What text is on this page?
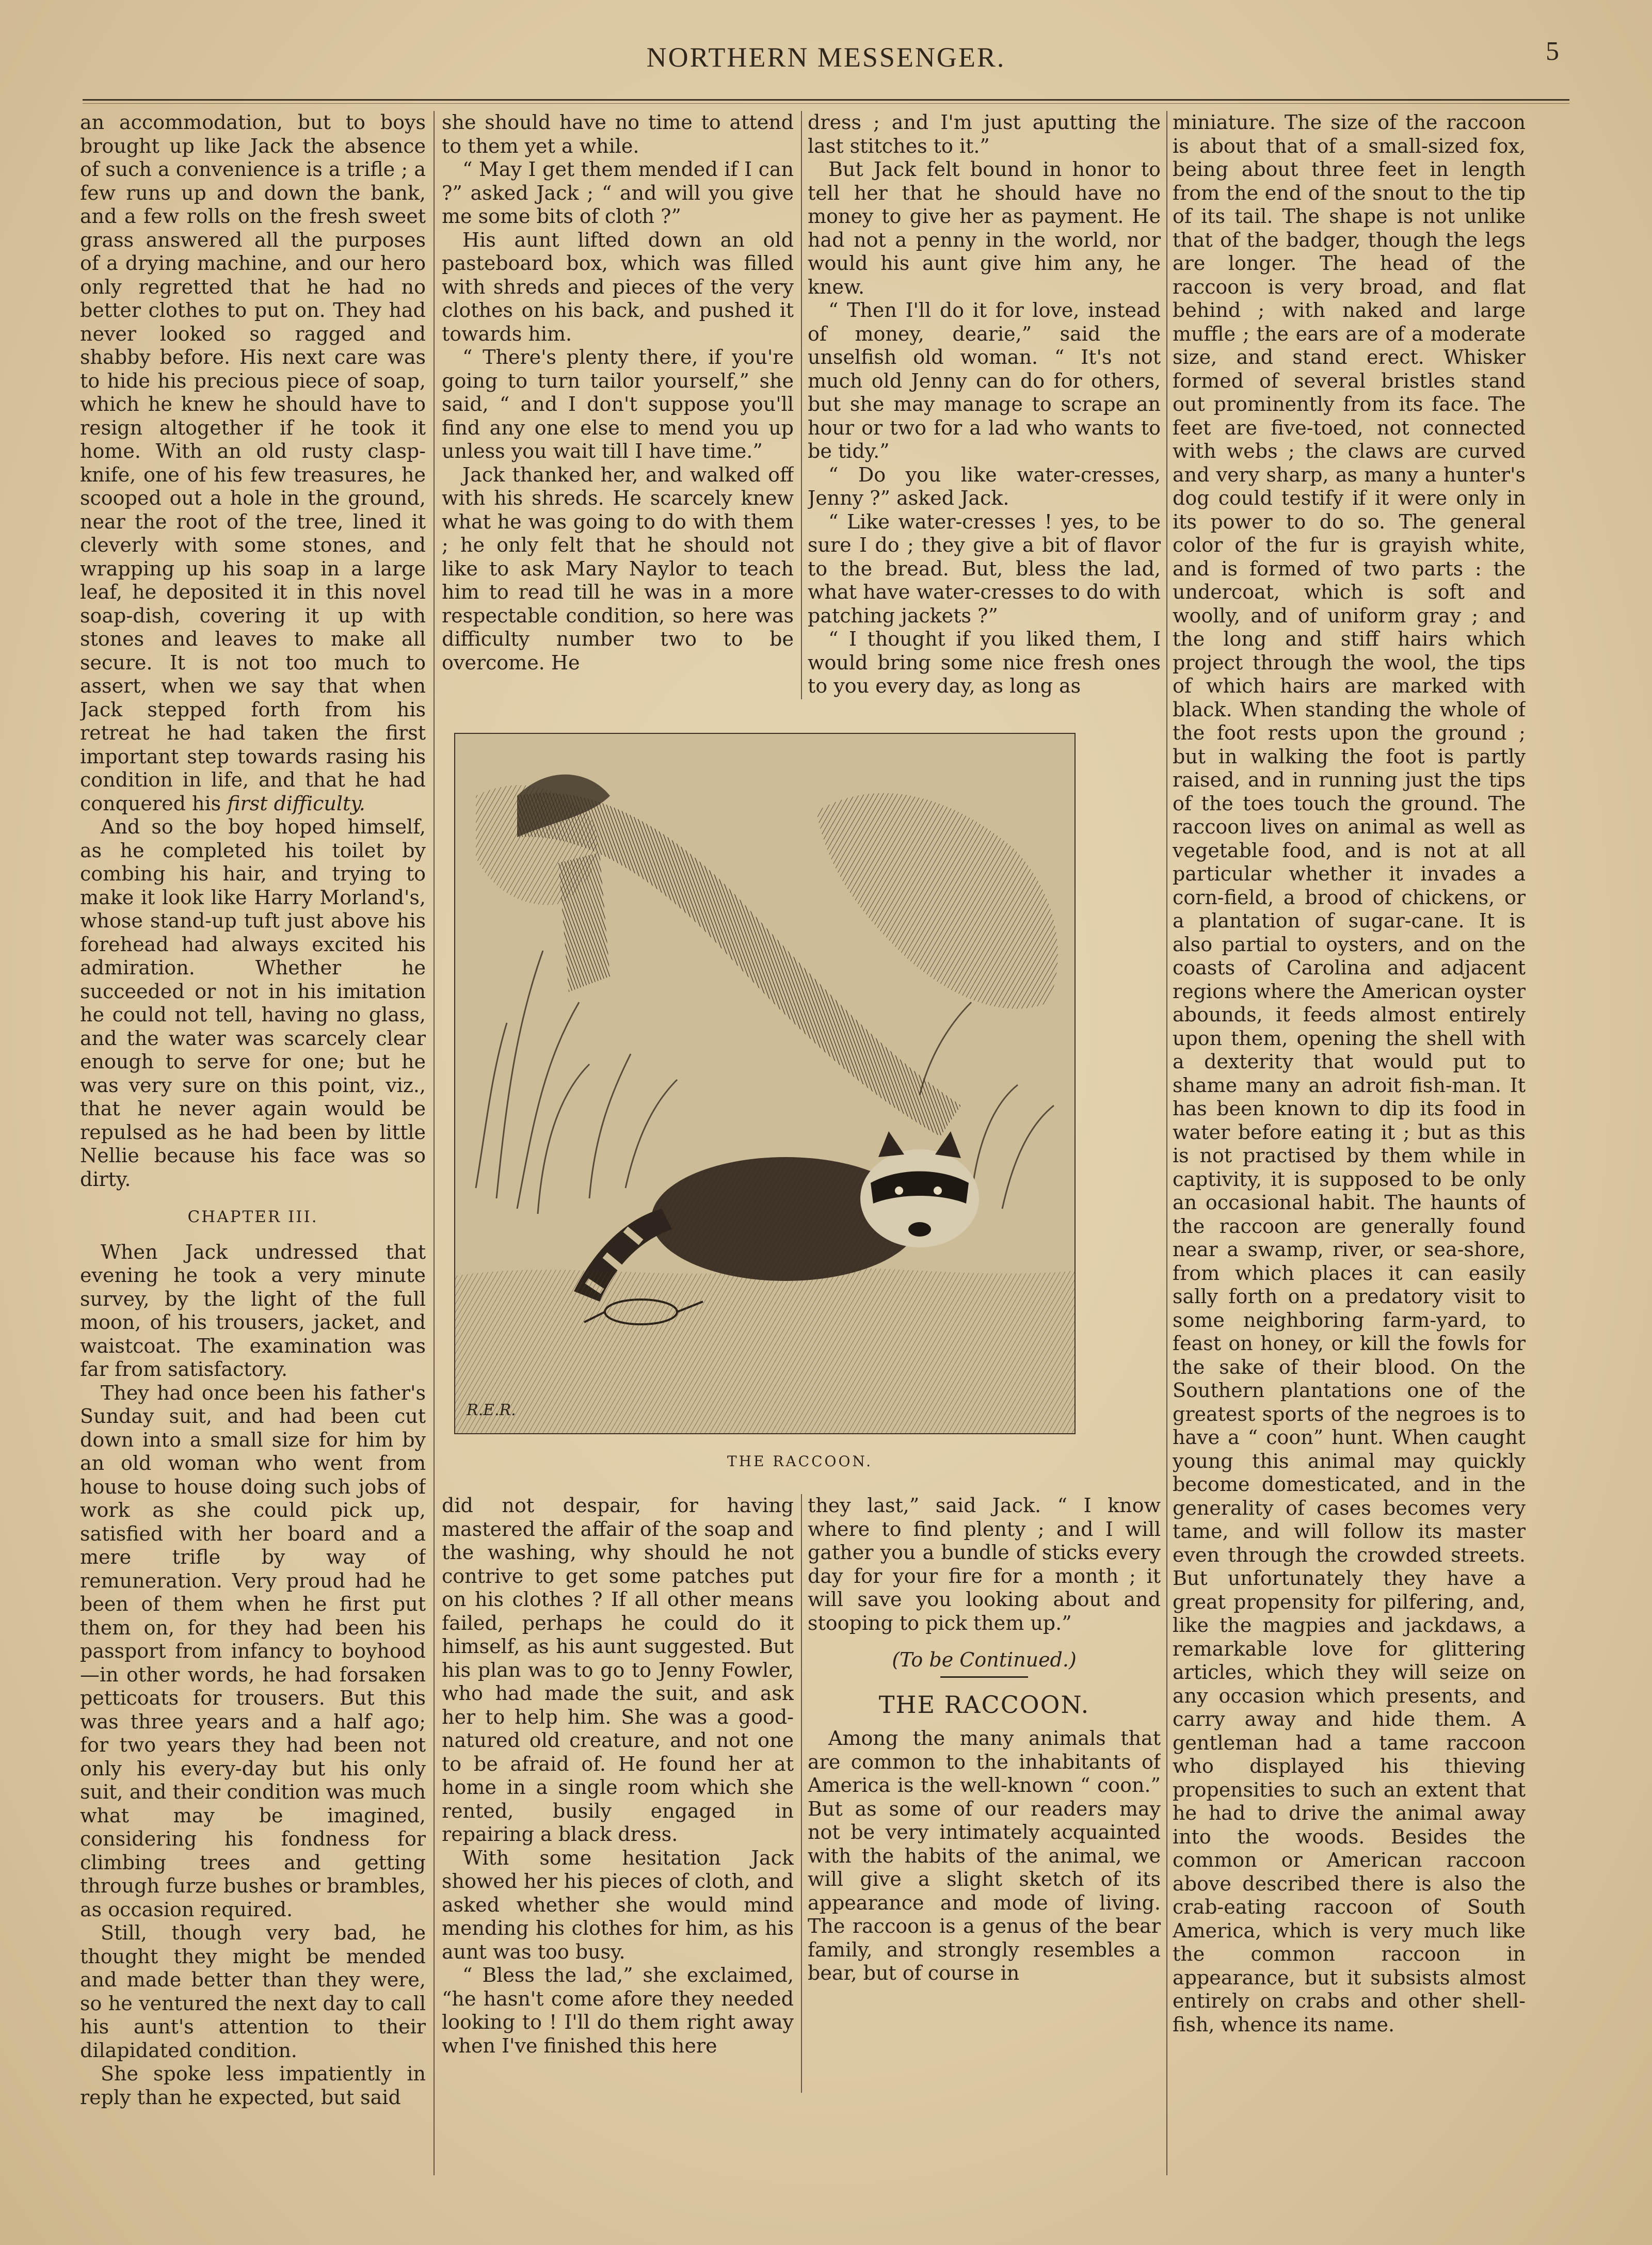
NORTHERN MESSENGER.	5

an accommodation, but to boys brought up like Jack the absence of such a convenience is a trifle ; a few runs up and down the bank, and a few rolls on the fresh sweet grass answered all the purposes of a drying machine, and our hero only regretted that he had no better clothes to put on. They had never looked so ragged and shabby before. His next care was to hide his precious piece of soap, which he knew he should have to resign altogether if he took it home. With an old rusty clasp-knife, one of his few treasures, he scooped out a hole in the ground, near the root of the tree, lined it cleverly with some stones, and wrapping up his soap in a large leaf, he deposited it in this novel soap-dish, covering it up with stones and leaves to make all secure. It is not too much to assert, when we say that when Jack stepped forth from his retreat he had taken the first important step towards rasing his condition in life, and that he had conquered his first difficulty.

And so the boy hoped himself, as he completed his toilet by combing his hair, and trying to make it look like Harry Morland's, whose stand-up tuft just above his forehead had always excited his admiration. Whether he succeeded or not in his imitation he could not tell, having no glass, and the water was scarcely clear enough to serve for one; but he was very sure on this point, viz., that he never again would be repulsed as he had been by little Nellie because his face was so dirty.

CHAPTER III.

When Jack undressed that evening he took a very minute survey, by the light of the full moon, of his trousers, jacket, and waistcoat. The examination was far from satisfactory.

They had once been his father's Sunday suit, and had been cut down into a small size for him by an old woman who went from house to house doing such jobs of work as she could pick up, satisfied with her board and a mere trifle by way of remuneration. Very proud had he been of them when he first put them on, for they had been his passport from infancy to boyhood—in other words, he had forsaken petticoats for trousers. But this was three years and a half ago; for two years they had been not only his every-day but his only suit, and their condition was much what may be imagined, considering his fondness for climbing trees and getting through furze bushes or brambles, as occasion required.

Still, though very bad, he thought they might be mended and made better than they were, so he ventured the next day to call his aunt's attention to their dilapidated condition.

She spoke less impatiently in reply than he expected, but said

she should have no time to attend to them yet a while.

“ May I get them mended if I can ?” asked Jack ; “ and will you give me some bits of cloth ?”

His aunt lifted down an old pasteboard box, which was filled with shreds and pieces of the very clothes on his back, and pushed it towards him.

“ There's plenty there, if you're going to turn tailor yourself,” she said, “ and I don't suppose you'll find any one else to mend you up unless you wait till I have time.”

Jack thanked her, and walked off with his shreds. He scarcely knew what he was going to do with them ; he only felt that he should not like to ask Mary Naylor to teach him to read till he was in a more respectable condition, so here was difficulty number two to be overcome. He

dress ; and I'm just aputting the last stitches to it.”

But Jack felt bound in honor to tell her that he should have no money to give her as payment. He had not a penny in the world, nor would his aunt give him any, he knew.

“ Then I'll do it for love, instead of money, dearie,” said the unselfish old woman. “ It's not much old Jenny can do for others, but she may manage to scrape an hour or two for a lad who wants to be tidy.”

“ Do you like water-cresses, Jenny ?” asked Jack.

“ Like water-cresses ! yes, to be sure I do ; they give a bit of flavor to the bread. But, bless the lad, what have water-cresses to do with patching jackets ?”

“ I thought if you liked them, I would bring some nice fresh ones to you every day, as long as

R.E.R.
THE RACCOON.

did not despair, for having mastered the affair of the soap and the washing, why should he not contrive to get some patches put on his clothes ? If all other means failed, perhaps he could do it himself, as his aunt suggested. But his plan was to go to Jenny Fowler, who had made the suit, and ask her to help him. She was a good-natured old creature, and not one to be afraid of. He found her at home in a single room which she rented, busily engaged in repairing a black dress.

With some hesitation Jack showed her his pieces of cloth, and asked whether she would mind mending his clothes for him, as his aunt was too busy.

“ Bless the lad,” she exclaimed, “he hasn't come afore they needed looking to ! I'll do them right away when I've finished this here

they last,” said Jack. “ I know where to find plenty ; and I will gather you a bundle of sticks every day for your fire for a month ; it will save you looking about and stooping to pick them up.”

(To be Continued.)

THE RACCOON.

Among the many animals that are common to the inhabitants of America is the well-known “ coon.” But as some of our readers may not be very intimately acquainted with the habits of the animal, we will give a slight sketch of its appearance and mode of living. The raccoon is a genus of the bear family, and strongly resembles a bear, but of course in

miniature. The size of the raccoon is about that of a small-sized fox, being about three feet in length from the end of the snout to the tip of its tail. The shape is not unlike that of the badger, though the legs are longer. The head of the raccoon is very broad, and flat behind ; with naked and large muffle ; the ears are of a moderate size, and stand erect. Whisker formed of several bristles stand out prominently from its face. The feet are five-toed, not connected with webs ; the claws are curved and very sharp, as many a hunter's dog could testify if it were only in its power to do so. The general color of the fur is grayish white, and is formed of two parts : the undercoat, which is soft and woolly, and of uniform gray ; and the long and stiff hairs which project through the wool, the tips of which hairs are marked with black. When standing the whole of the foot rests upon the ground ; but in walking the foot is partly raised, and in running just the tips of the toes touch the ground. The raccoon lives on animal as well as vegetable food, and is not at all particular whether it invades a corn-field, a brood of chickens, or a plantation of sugar-cane. It is also partial to oysters, and on the coasts of Carolina and adjacent regions where the American oyster abounds, it feeds almost entirely upon them, opening the shell with a dexterity that would put to shame many an adroit fish-man. It has been known to dip its food in water before eating it ; but as this is not practised by them while in captivity, it is supposed to be only an occasional habit. The haunts of the raccoon are generally found near a swamp, river, or sea-shore, from which places it can easily sally forth on a predatory visit to some neighboring farm-yard, to feast on honey, or kill the fowls for the sake of their blood. On the Southern plantations one of the greatest sports of the negroes is to have a “ coon” hunt. When caught young this animal may quickly become domesticated, and in the generality of cases becomes very tame, and will follow its master even through the crowded streets. But unfortunately they have a great propensity for pilfering, and, like the magpies and jackdaws, a remarkable love for glittering articles, which they will seize on any occasion which presents, and carry away and hide them. A gentleman had a tame raccoon who displayed his thieving propensities to such an extent that he had to drive the animal away into the woods. Besides the common or American raccoon above described there is also the crab-eating raccoon of South America, which is very much like the common raccoon in appearance, but it subsists almost entirely on crabs and other shell-fish, whence its name.
